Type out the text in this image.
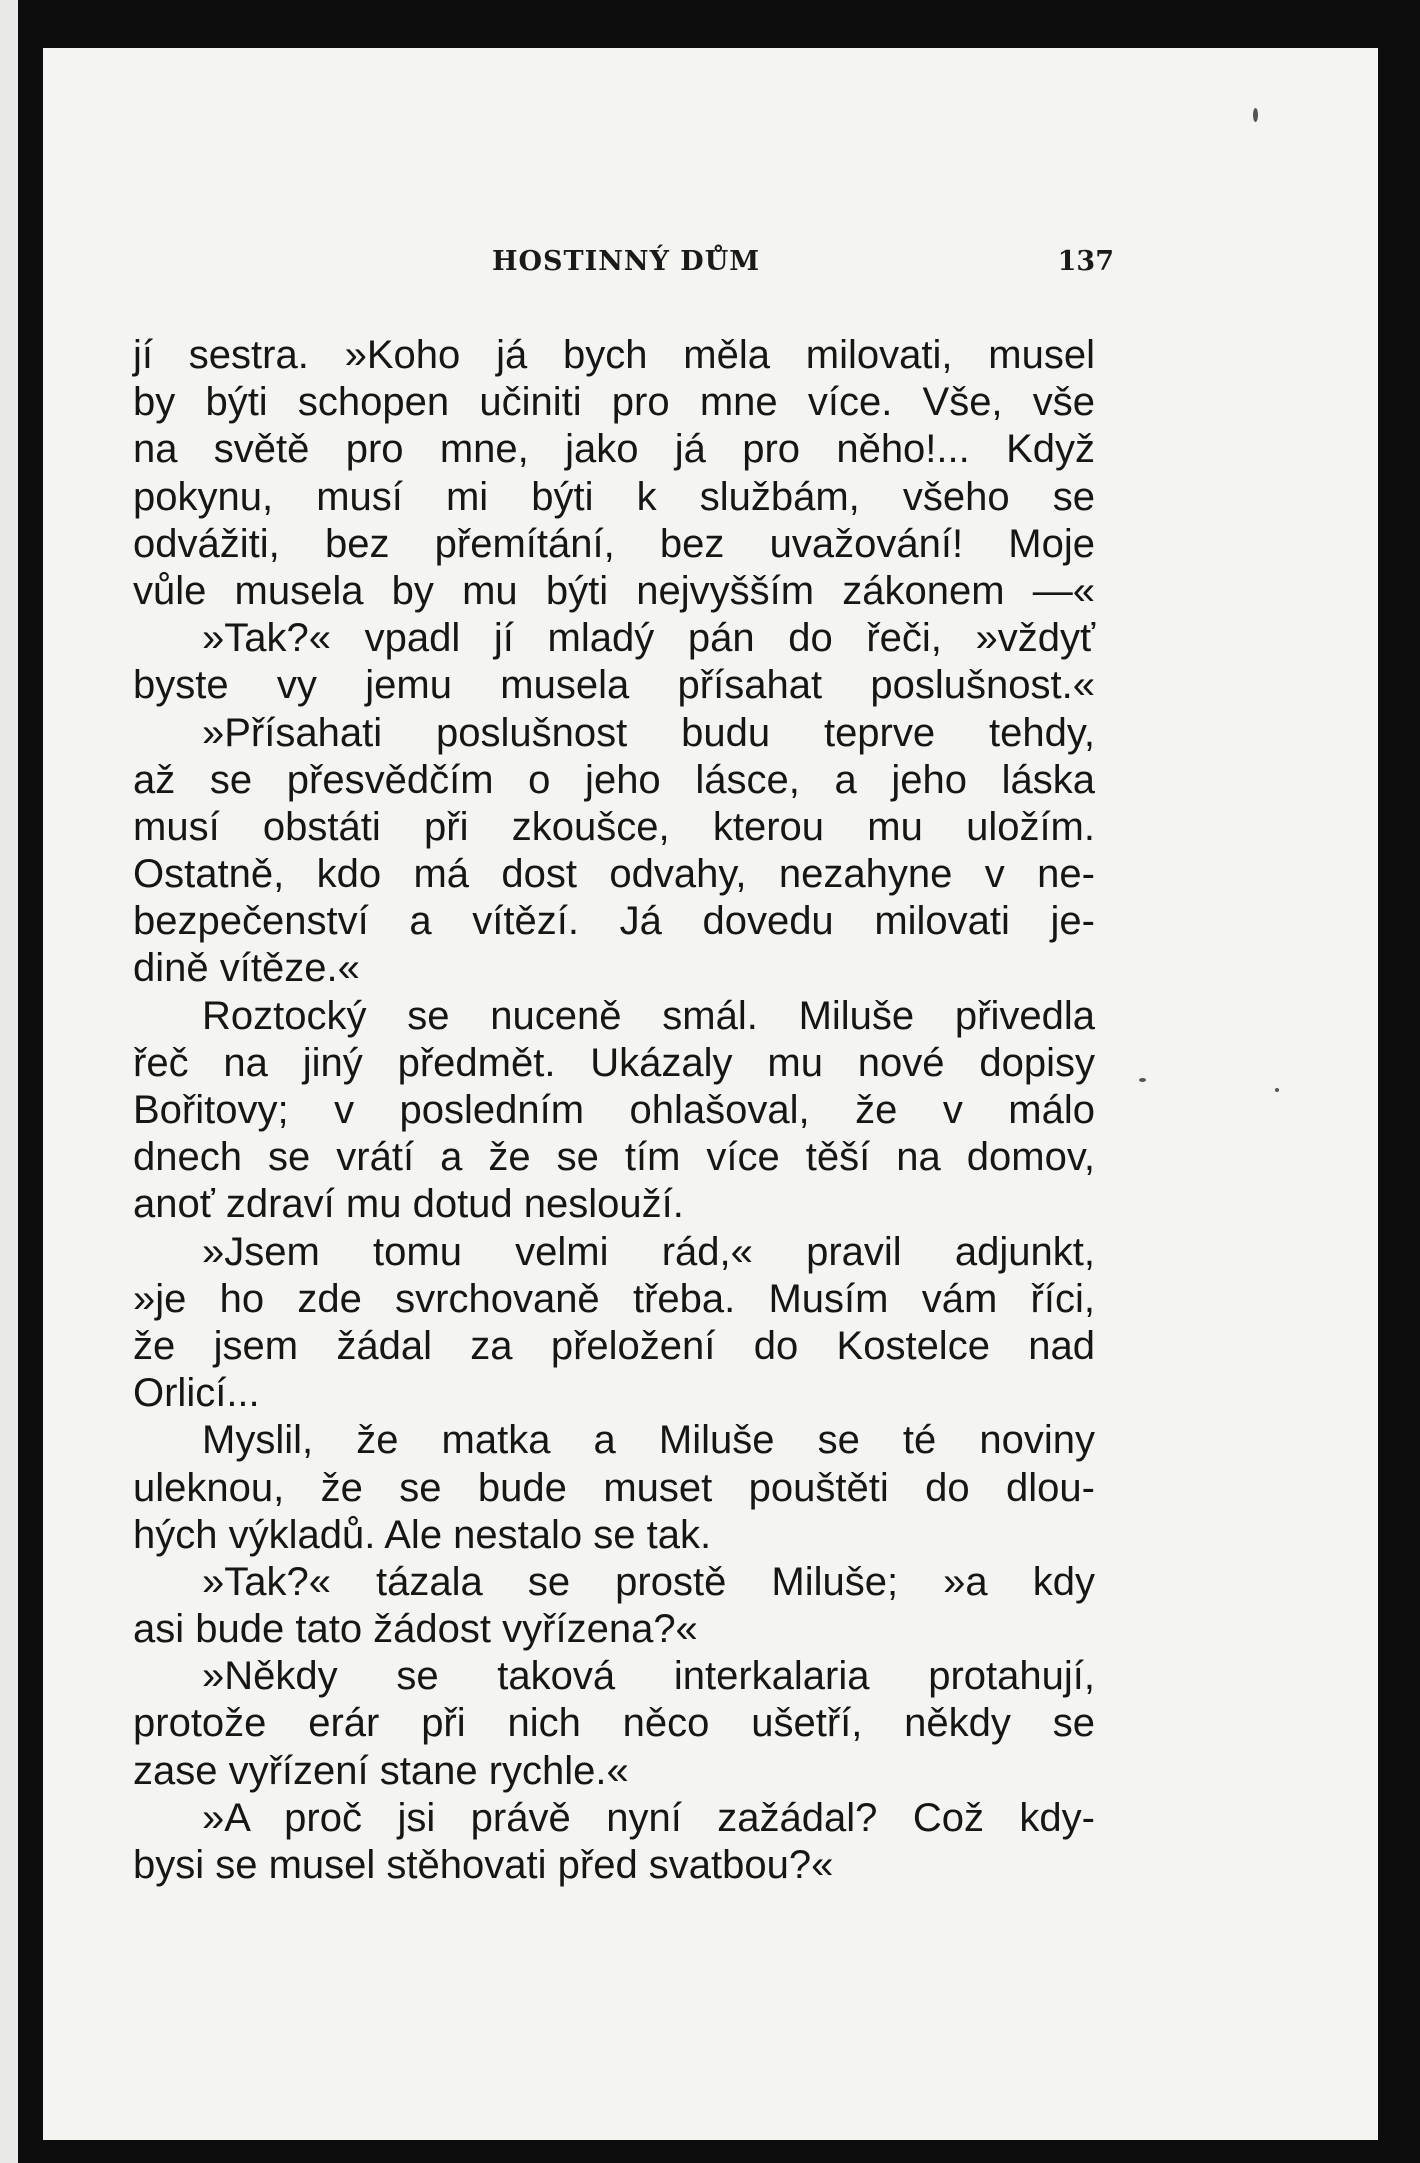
HOSTINNÝ DŮM	137
jí sestra. »Koho já bych měla milovati, musel
by býti schopen učiniti pro mne více. Vše, vše
na světě pro mne, jako já pro něho!... Když
pokynu, musí mi býti k službám, všeho se
odvážiti, bez přemítání, bez uvažování! Moje
vůle musela by mu býti nejvyšším zákonem —«
»Tak?« vpadl jí mladý pán do řeči, »vždyť
byste vy jemu musela přísahat poslušnost.«
»Přísahati poslušnost budu teprve tehdy,
až se přesvědčím o jeho lásce, a jeho láska
musí obstáti při zkoušce, kterou mu uložím.
Ostatně, kdo má dost odvahy, nezahyne v ne-
bezpečenství a vítězí. Já dovedu milovati je-
dině vítěze.«
Roztocký se nuceně smál. Miluše přivedla
řeč na jiný předmět. Ukázaly mu nové dopisy
Bořitovy; v posledním ohlašoval, že v málo
dnech se vrátí a že se tím více těší na domov,
anoť zdraví mu dotud neslouží.
»Jsem tomu velmi rád,« pravil adjunkt,
»je ho zde svrchovaně třeba. Musím vám říci,
že jsem žádal za přeložení do Kostelce nad
Orlicí...
Myslil, že matka a Miluše se té noviny
uleknou, že se bude muset pouštěti do dlou-
hých výkladů. Ale nestalo se tak.
»Tak?« tázala se prostě Miluše; »a kdy
asi bude tato žádost vyřízena?«
»Někdy se taková interkalaria protahují,
protože erár při nich něco ušetří, někdy se
zase vyřízení stane rychle.«
»A proč jsi právě nyní zažádal? Což kdy-
bysi se musel stěhovati před svatbou?«
